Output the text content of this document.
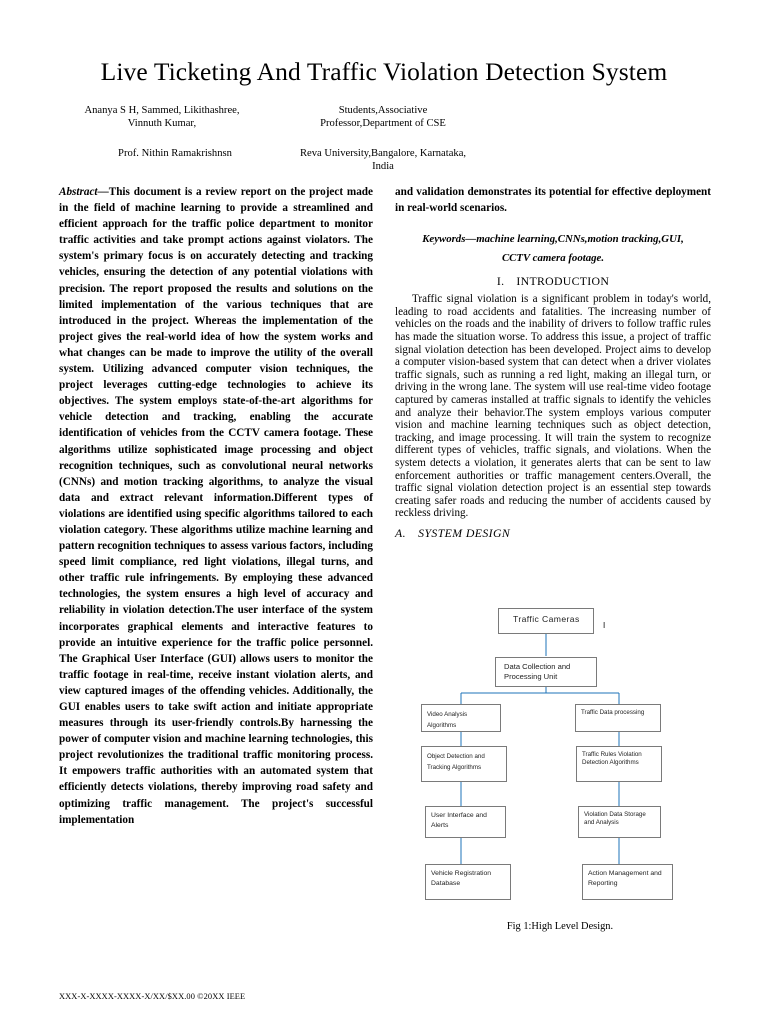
Live Ticketing And Traffic Violation Detection System
Ananya S H, Sammed, Likithashree,
Vinnuth Kumar,
Students,Associative
Professor,Department of CSE
Prof. Nithin Ramakrishnsn	Reva University,Bangalore, Karnataka,
India
Abstract—This document is a review report on the project made in the field of machine learning to provide a streamlined and efficient approach for the traffic police department to monitor traffic activities and take prompt actions against violators. The system's primary focus is on accurately detecting and tracking vehicles, ensuring the detection of any potential violations with precision. The report proposed the results and solutions on the limited implementation of the various techniques that are introduced in the project. Whereas the implementation of the project gives the real-world idea of how the system works and what changes can be made to improve the utility of the overall system. Utilizing advanced computer vision techniques, the project leverages cutting-edge technologies to achieve its objectives. The system employs state-of-the-art algorithms for vehicle detection and tracking, enabling the accurate identification of vehicles from the CCTV camera footage. These algorithms utilize sophisticated image processing and object recognition techniques, such as convolutional neural networks (CNNs) and motion tracking algorithms, to analyze the visual data and extract relevant information.Different types of violations are identified using specific algorithms tailored to each violation category. These algorithms utilize machine learning and pattern recognition techniques to assess various factors, including speed limit compliance, red light violations, illegal turns, and other traffic rule infringements. By employing these advanced technologies, the system ensures a high level of accuracy and reliability in violation detection.The user interface of the system incorporates graphical elements and interactive features to provide an intuitive experience for the traffic police personnel. The Graphical User Interface (GUI) allows users to monitor the traffic footage in real-time, receive instant violation alerts, and view captured images of the offending vehicles. Additionally, the GUI enables users to take swift action and initiate appropriate measures through its user-friendly controls.By harnessing the power of computer vision and machine learning technologies, this project revolutionizes the traditional traffic monitoring process. It empowers traffic authorities with an automated system that efficiently detects violations, thereby improving road safety and optimizing traffic management. The project's successful implementation

and validation demonstrates its potential for effective deployment in real-world scenarios.

Keywords—machine learning,CNNs,motion tracking,GUI,
CCTV camera footage.
I. INTRODUCTION

Traffic signal violation is a significant problem in today's world, leading to road accidents and fatalities. The increasing number of vehicles on the roads and the inability of drivers to follow traffic rules has made the situation worse. To address this issue, a project of traffic signal violation detection has been developed. Project aims to develop a computer vision-based system that can detect when a driver violates traffic signals, such as running a red light, making an illegal turn, or driving in the wrong lane. The system will use real-time video footage captured by cameras installed at traffic signals to identify the vehicles and analyze their behavior.The system employs various computer vision and machine learning techniques such as object detection, tracking, and image processing. It will train the system to recognize different types of vehicles, traffic signals, and violations. When the system detects a violation, it generates alerts that can be sent to law enforcement authorities or traffic management centers.Overall, the traffic signal violation detection project is an essential step towards creating safer roads and reducing the number of accidents caused by reckless driving.

A. SYSTEM DESIGN
Traffic Cameras
I
Data Collection and Processing Unit
Video Analysis Algorithms
Traffic Data processing
Object Detection and Tracking Algorithms
Traffic Rules Violation Detection Algorithms
User Interface and Alerts
Violation Data Storage and Analysis
Vehicle Registration Database
Action Management and Reporting
Fig 1:High Level Design.
XXX-X-XXXX-XXXX-X/XX/$XX.00 ©20XX IEEE
